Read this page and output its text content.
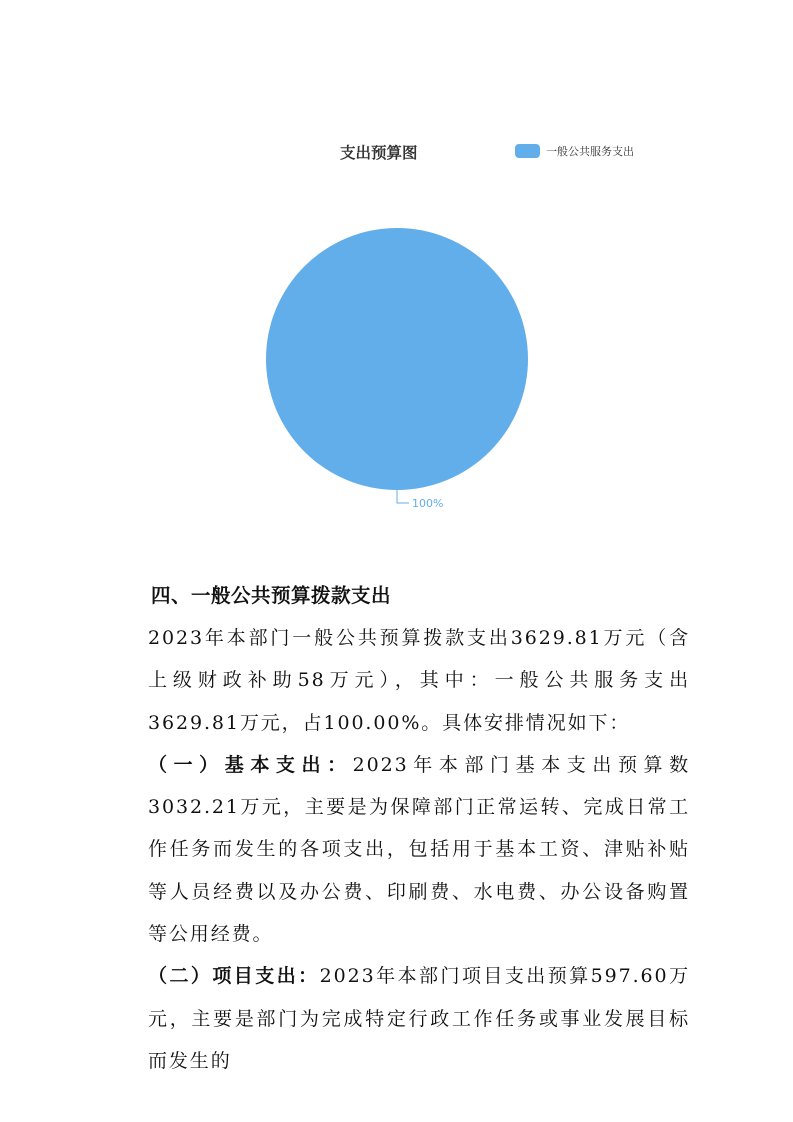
支出预算图	一般公共服务支出
100%
四、一般公共预算拨款支出

2023年本部门一般公共预算拨款支出3629.81万元（含上级财政补助58万元），其中：一般公共服务支出3629.81万元，占100.00%。具体安排情况如下：

（一）基本支出：2023年本部门基本支出预算数3032.21万元，主要是为保障部门正常运转、完成日常工作任务而发生的各项支出，包括用于基本工资、津贴补贴等人员经费以及办公费、印刷费、水电费、办公设备购置等公用经费。

（二）项目支出：2023年本部门项目支出预算597.60万元，主要是部门为完成特定行政工作任务或事业发展目标而发生的
